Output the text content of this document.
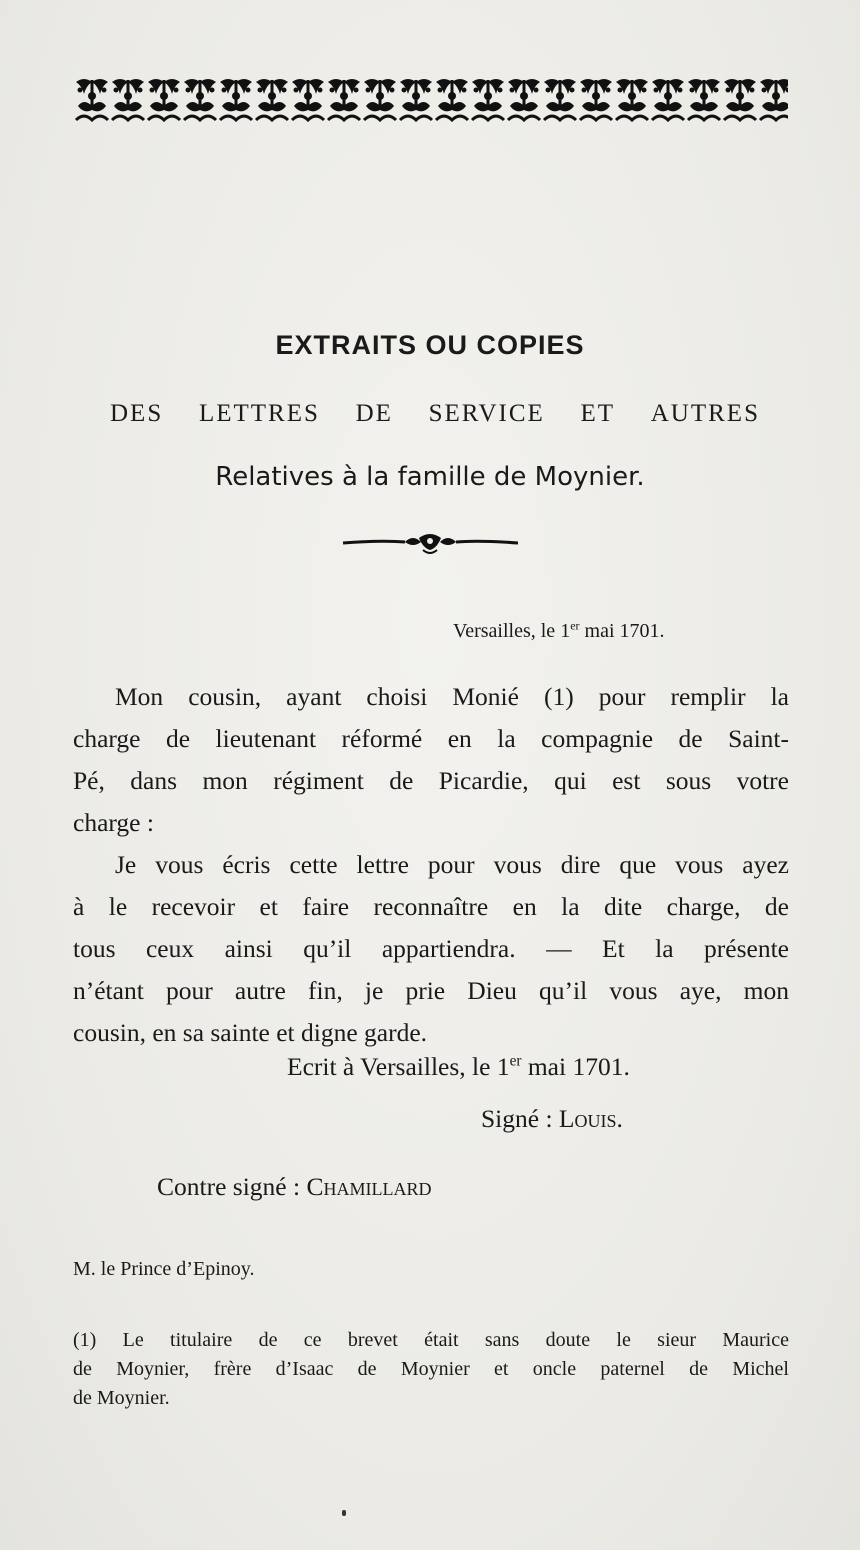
EXTRAITS OU COPIES
DES LETTRES DE SERVICE ET AUTRES
Relatives à la famille de Moynier.
Versailles, le 1er mai 1701.
Mon cousin, ayant choisi Monié (1) pour remplir la
charge de lieutenant réformé en la compagnie de Saint-
Pé, dans mon régiment de Picardie, qui est sous votre
charge :
Je vous écris cette lettre pour vous dire que vous ayez
à le recevoir et faire reconnaître en la dite charge, de
tous ceux ainsi qu’il appartiendra. — Et la présente
n’étant pour autre fin, je prie Dieu qu’il vous aye, mon
cousin, en sa sainte et digne garde.
Ecrit à Versailles, le 1er mai 1701.
Signé : Louis.
Contre signé : Chamillard
M. le Prince d’Epinoy.
(1) Le titulaire de ce brevet était sans doute le sieur Maurice
de Moynier, frère d’Isaac de Moynier et oncle paternel de Michel
de Moynier.
